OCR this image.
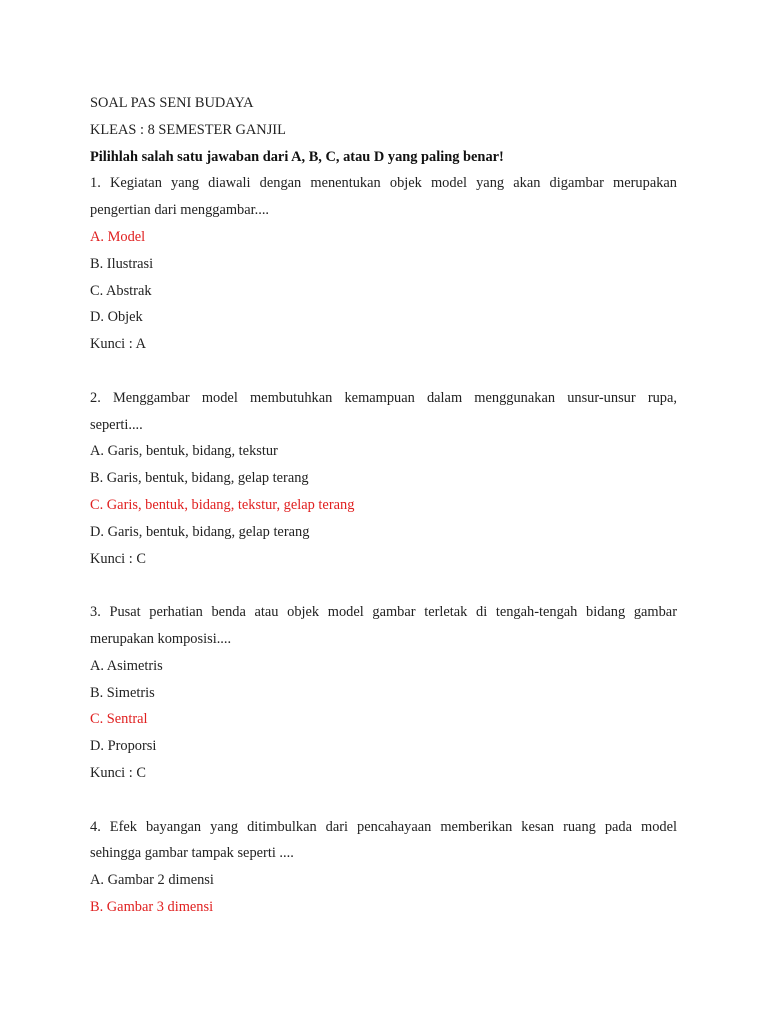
SOAL PAS SENI BUDAYA
KLEAS : 8 SEMESTER GANJIL
Pilihlah salah satu jawaban dari A, B, C, atau D yang paling benar!
1. Kegiatan yang diawali dengan menentukan objek model yang akan digambar merupakan
pengertian dari menggambar....
A. Model
B. Ilustrasi
C. Abstrak
D. Objek
Kunci : A
2. Menggambar model membutuhkan kemampuan dalam menggunakan unsur-unsur rupa,
seperti....
A. Garis, bentuk, bidang, tekstur
B. Garis, bentuk, bidang, gelap terang
C. Garis, bentuk, bidang, tekstur, gelap terang
D. Garis, bentuk, bidang, gelap terang
Kunci : C
3. Pusat perhatian benda atau objek model gambar terletak di tengah-tengah bidang gambar
merupakan komposisi....
A. Asimetris
B. Simetris
C. Sentral
D. Proporsi
Kunci : C
4. Efek bayangan yang ditimbulkan dari pencahayaan memberikan kesan ruang pada model
sehingga gambar tampak seperti ....
A. Gambar 2 dimensi
B. Gambar 3 dimensi
